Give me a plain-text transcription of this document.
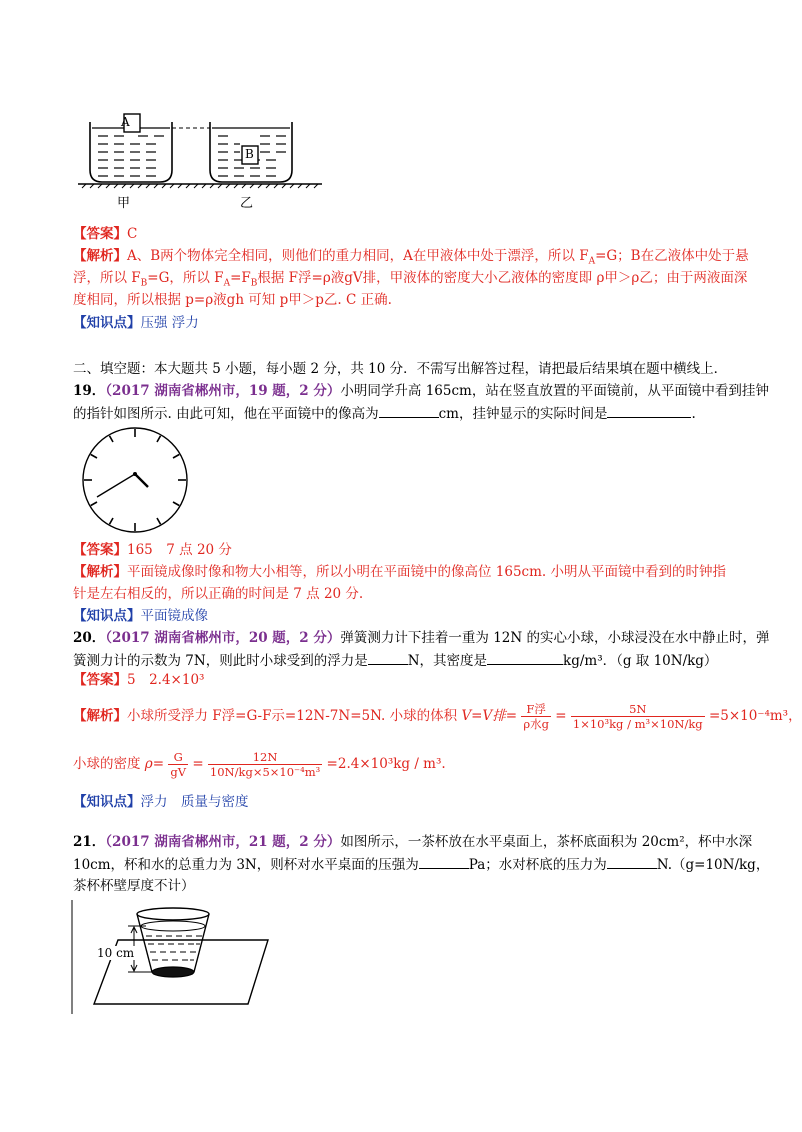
A
B
甲	乙
【答案】C
【解析】A、B两个物体完全相同，则他们的重力相同，A在甲液体中处于漂浮，所以 $F_A=G$；B在乙液体中处于悬
浮，所以 $F_B=G$，所以 $F_A=F_B$根据 F浮=ρ液gV排，甲液体的密度大小乙液体的密度即 ρ甲＞ρ乙；由于两液面深
度相同，所以根据 p=ρ液gh 可知 p甲＞p乙. C 正确.
【知识点】压强 浮力
二、填空题：本大题共 5 小题，每小题 2 分，共 10 分．不需写出解答过程，请把最后结果填在题中横线上．
19．（2017 湖南省郴州市，19 题，2 分）小明同学升高 165cm，站在竖直放置的平面镜前，从平面镜中看到挂钟
的指针如图所示. 由此可知，他在平面镜中的像高为	cm，挂钟显示的实际时间是	.
【答案】165　7 点 20 分
【解析】平面镜成像时像和物大小相等，所以小明在平面镜中的像高位 165cm. 小明从平面镜中看到的时钟指
针是左右相反的，所以正确的时间是 7 点 20 分.
【知识点】平面镜成像
20．（2017 湖南省郴州市，20 题，2 分）弹簧测力计下挂着一重为 12N 的实心小球，小球浸没在水中静止时，弹
簧测力计的示数为 7N，则此时小球受到的浮力是	N，其密度是	kg/m³．（g 取 10N/kg）
【答案】5　2.4×10³
【解析】小球所受浮力 F浮=G-F示=12N-7N=5N. 小球的体积 V=V排= $\frac{\text{F浮}}{\text{ρ水g}} = \frac{5N}{\text{1×10³kg / m³×10N/kg}} =5\times 10^{-4}m^3$，
小球的密度 $\rho= \frac{G}{gV} = \frac{12N}{\text{10N/kg×5×10⁻⁴m³}} =2.4\times 10^3kg / m^3$.
【知识点】浮力　质量与密度
21．（2017 湖南省郴州市，21 题，2 分）如图所示，一茶杯放在水平桌面上，茶杯底面积为 20cm²，杯中水深
10cm，杯和水的总重力为 3N，则杯对水平桌面的压强为	Pa；水对杯底的压力为	N.（g=10N/kg，
茶杯杯壁厚度不计）
10 cm
